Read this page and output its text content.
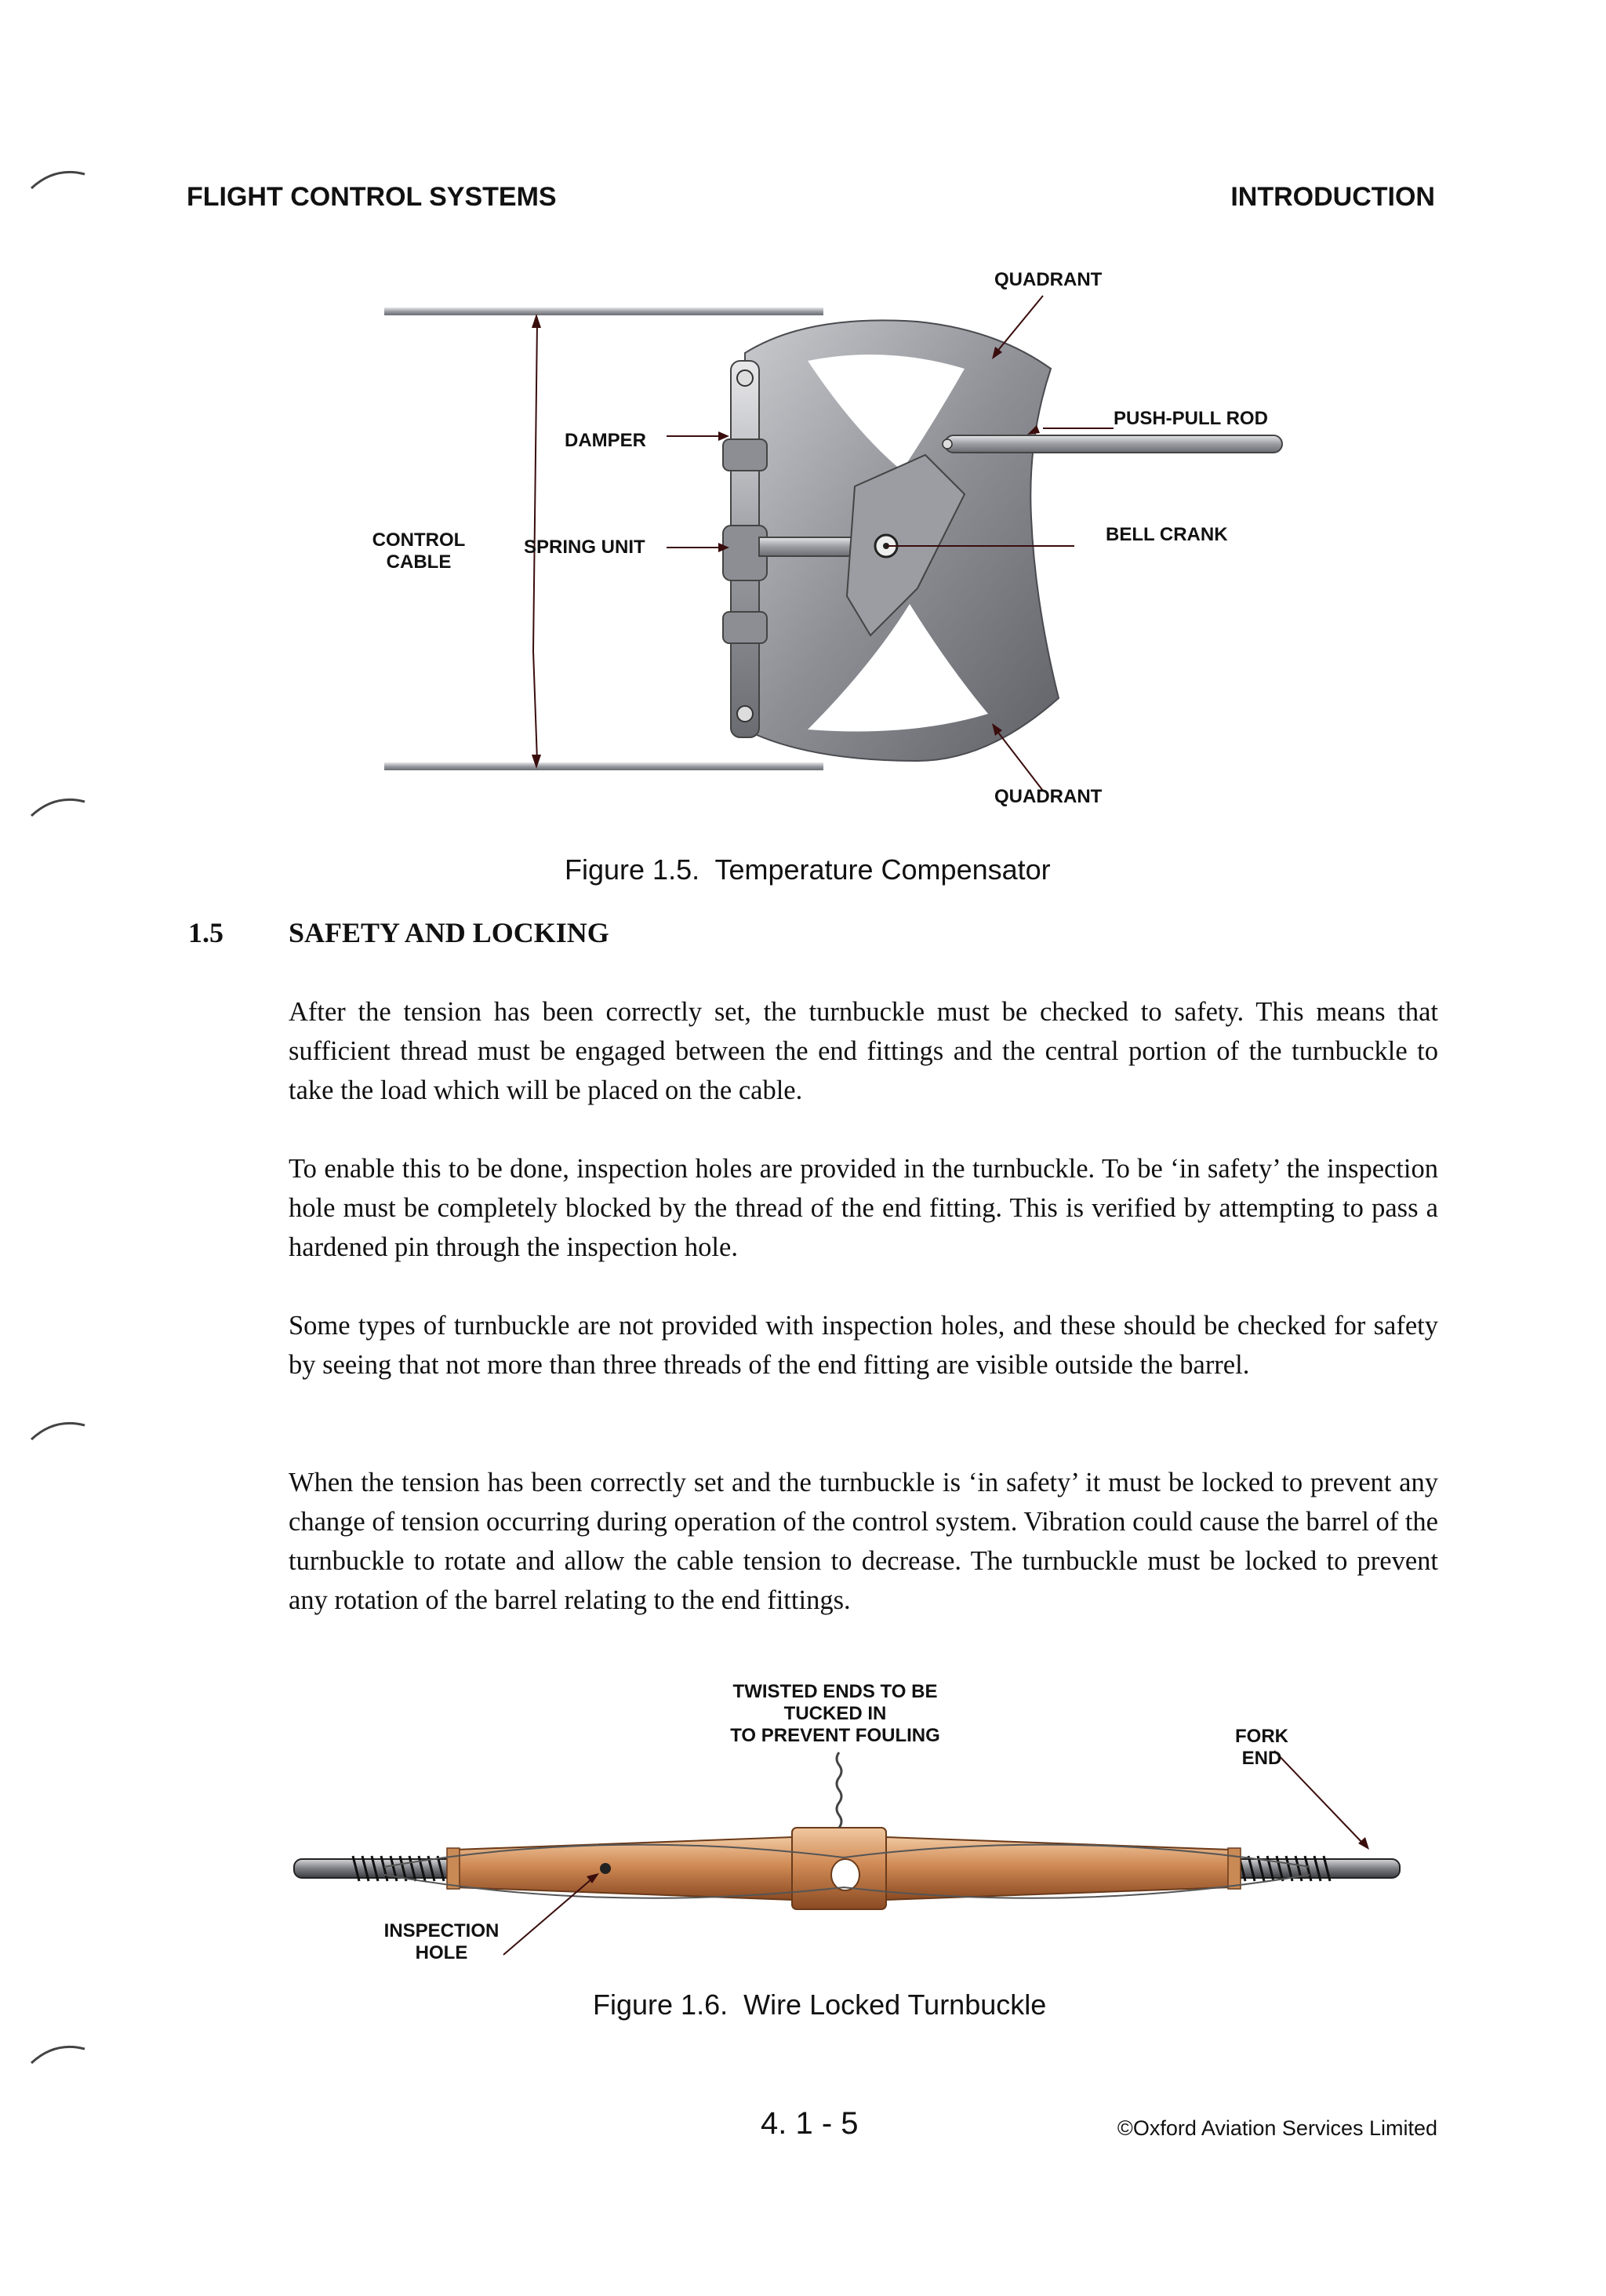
FLIGHT CONTROL SYSTEMS	INTRODUCTION
QUADRANT
PUSH-PULL ROD
DAMPER
CONTROL
CABLE
SPRING UNIT
BELL CRANK
QUADRANT
Figure 1.5.  Temperature Compensator
1.5 SAFETY AND LOCKING
After the tension has been correctly set, the turnbuckle must be checked to safety. This means that sufficient thread must be engaged between the end fittings and the central portion of the turnbuckle to take the load which will be placed on the cable.
To enable this to be done, inspection holes are provided in the turnbuckle. To be ‘in safety’ the inspection hole must be completely blocked by the thread of the end fitting. This is verified by attempting to pass a hardened pin through the inspection hole.
Some types of turnbuckle are not provided with inspection holes, and these should be checked for safety by seeing that not more than three threads of the end fitting are visible outside the barrel.
When the tension has been correctly set and the turnbuckle is ‘in safety’ it must be locked to prevent any change of tension occurring during operation of the control system. Vibration could cause the barrel of the turnbuckle to rotate and allow the cable tension to decrease. The turnbuckle must be locked to prevent any rotation of the barrel relating to the end fittings.
TWISTED ENDS TO BE
TUCKED IN
TO PREVENT FOULING	FORK
END
INSPECTION
HOLE
Figure 1.6.  Wire Locked Turnbuckle
4. 1 - 5	©Oxford Aviation Services Limited
